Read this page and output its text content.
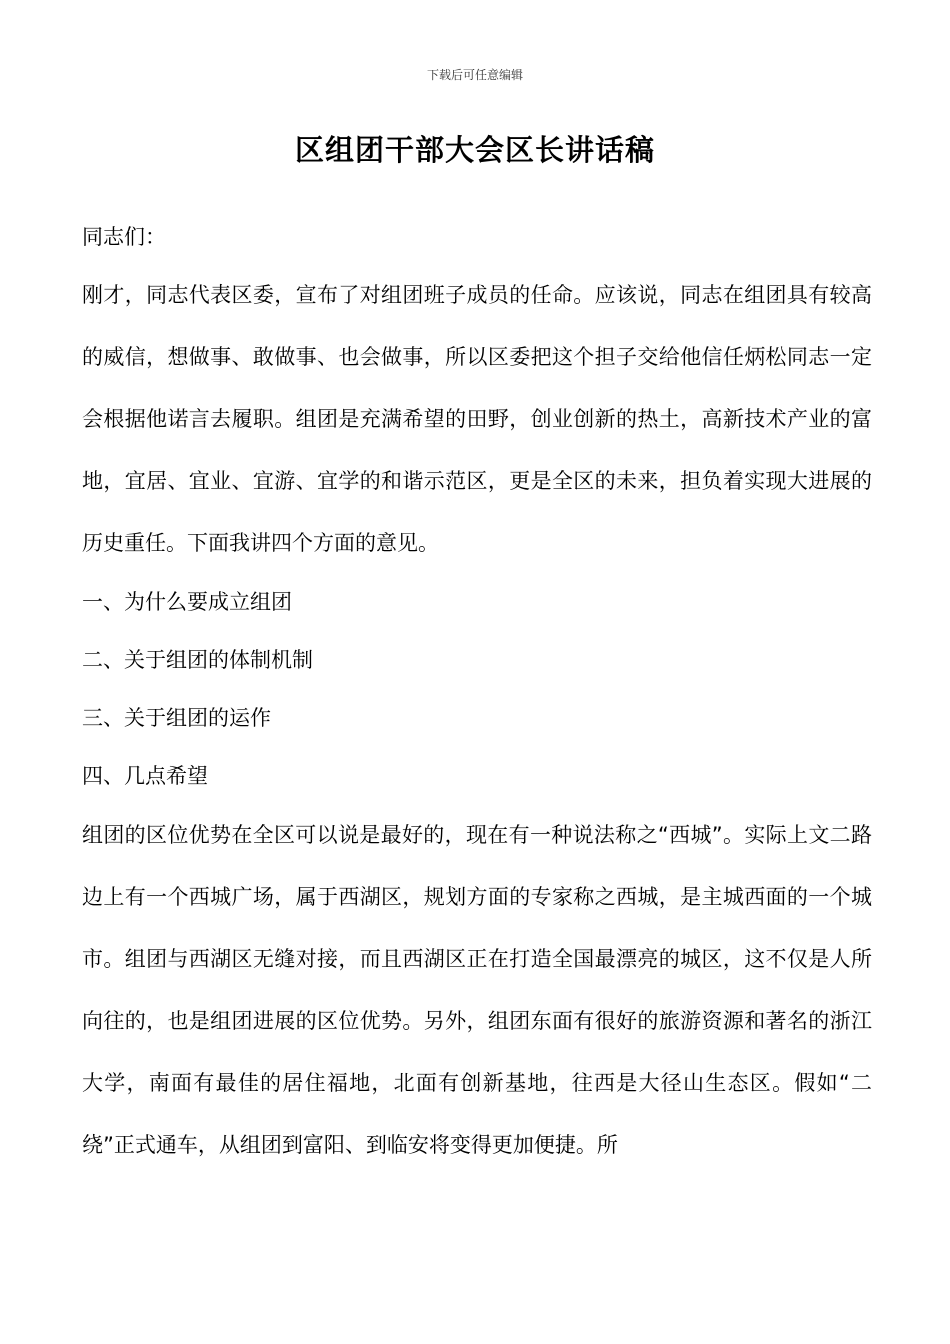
下载后可任意编辑
区组团干部大会区长讲话稿
同志们：

刚才，同志代表区委，宣布了对组团班子成员的任命。应该说，同志在组团具有较高的威信，想做事、敢做事、也会做事，所以区委把这个担子交给他信任炳松同志一定会根据他诺言去履职。组团是充满希望的田野，创业创新的热土，高新技术产业的富地，宜居、宜业、宜游、宜学的和谐示范区，更是全区的未来，担负着实现大进展的历史重任。下面我讲四个方面的意见。

一、为什么要成立组团

二、关于组团的体制机制

三、关于组团的运作

四、几点希望

组团的区位优势在全区可以说是最好的，现在有一种说法称之“西城”。实际上文二路边上有一个西城广场，属于西湖区，规划方面的专家称之西城，是主城西面的一个城市。组团与西湖区无缝对接，而且西湖区正在打造全国最漂亮的城区，这不仅是人所向往的，也是组团进展的区位优势。另外，组团东面有很好的旅游资源和著名的浙江大学，南面有最佳的居住福地，北面有创新基地，往西是大径山生态区。假如“二绕”正式通车，从组团到富阳、到临安将变得更加便捷。所
